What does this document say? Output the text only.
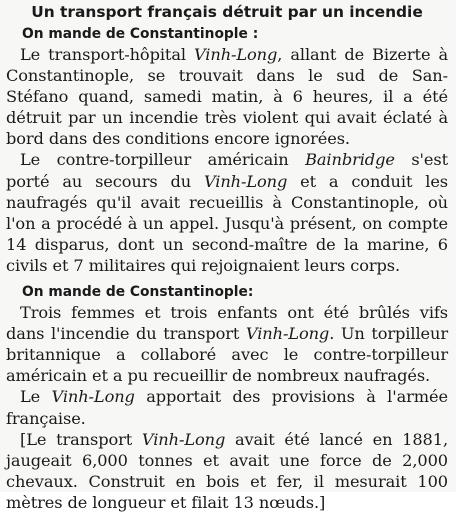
Un transport français détruit par un incendie
On mande de Constantinople :

Le transport-hôpital Vinh-Long, allant de Bizerte à Constantinople, se trouvait dans le sud de San-Stéfano quand, samedi matin, à 6 heures, il a été détruit par un incendie très violent qui avait éclaté à bord dans des conditions encore ignorées.

Le contre-torpilleur américain Bainbridge s'est porté au secours du Vinh-Long et a conduit les naufragés qu'il avait recueillis à Constantinople, où l'on a procédé à un appel. Jusqu'à présent, on compte 14 disparus, dont un second-maître de la marine, 6 civils et 7 militaires qui rejoignaient leurs corps.

On mande de Constantinople:

Trois femmes et trois enfants ont été brûlés vifs dans l'incendie du transport Vinh-Long. Un torpilleur britannique a collaboré avec le contre-torpilleur américain et a pu recueillir de nombreux naufragés.

Le Vinh-Long apportait des provisions à l'armée française.

[Le transport Vinh-Long avait été lancé en 1881, jaugeait 6,000 tonnes et avait une force de 2,000 chevaux. Construit en bois et fer, il mesurait 100 mètres de longueur et filait 13 nœuds.]
